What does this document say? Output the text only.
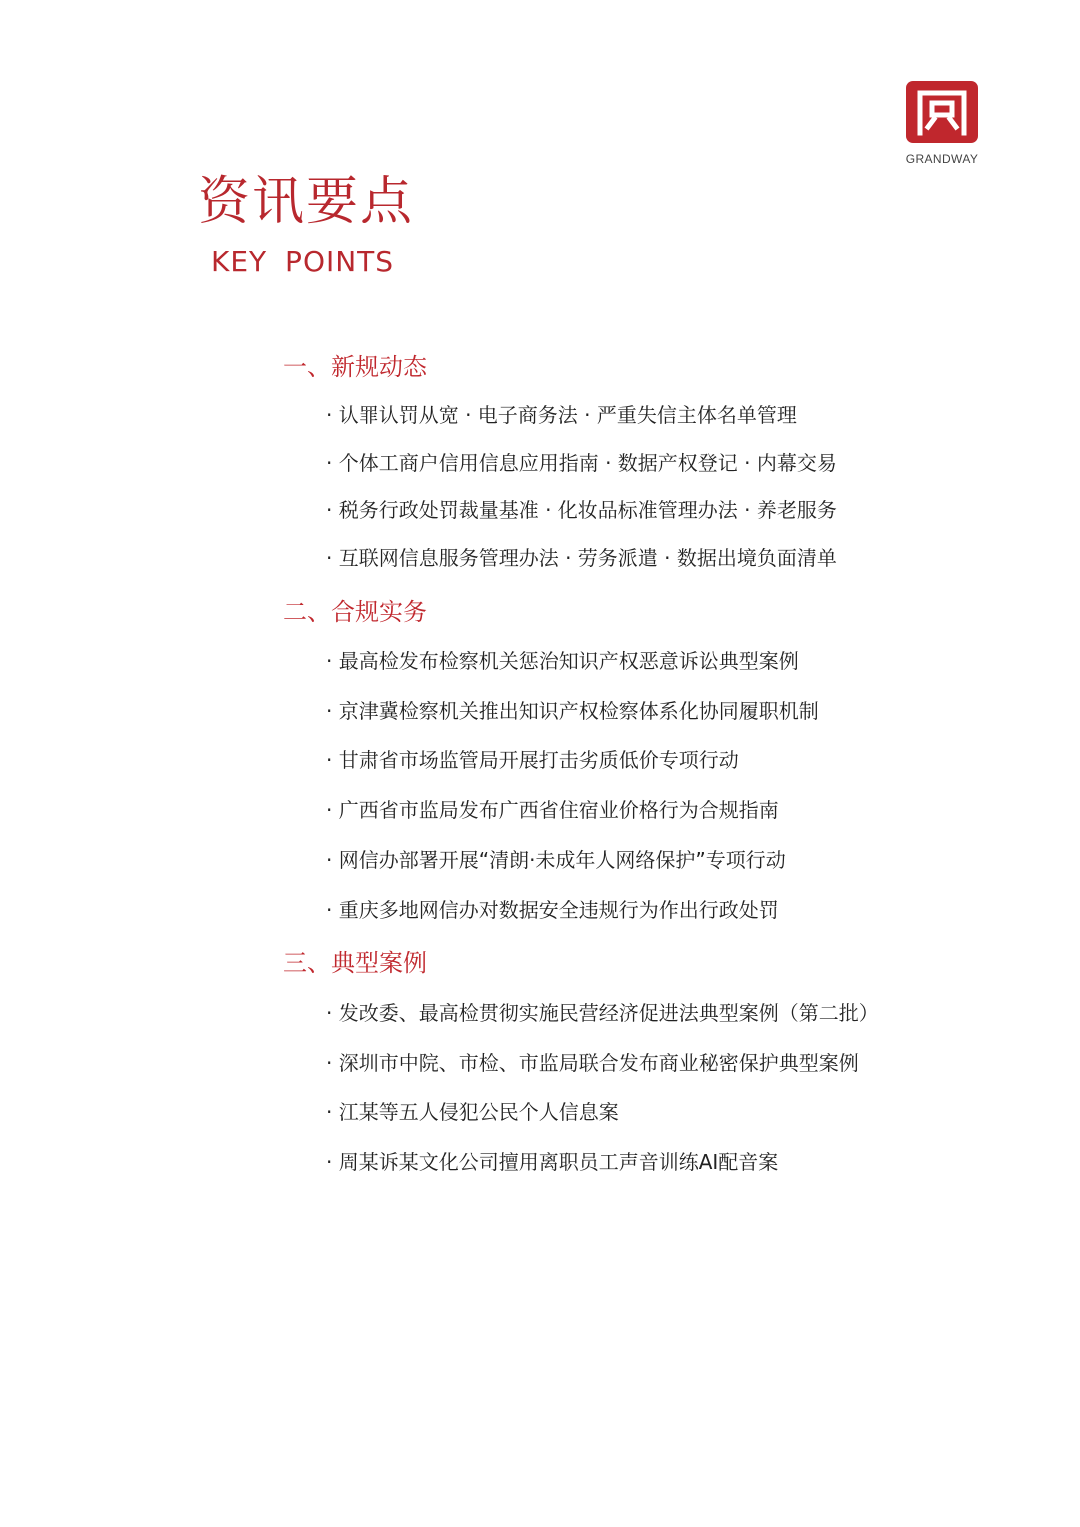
GRANDWAY
资讯要点
KEY POINTS
一、新规动态
· 认罪认罚从宽 · 电子商务法 · 严重失信主体名单管理
· 个体工商户信用信息应用指南 · 数据产权登记 · 内幕交易
· 税务行政处罚裁量基准 · 化妆品标准管理办法 · 养老服务
· 互联网信息服务管理办法 · 劳务派遣 · 数据出境负面清单
二、合规实务
· 最高检发布检察机关惩治知识产权恶意诉讼典型案例
· 京津冀检察机关推出知识产权检察体系化协同履职机制
· 甘肃省市场监管局开展打击劣质低价专项行动
· 广西省市监局发布广西省住宿业价格行为合规指南
· 网信办部署开展“清朗·未成年人网络保护”专项行动
· 重庆多地网信办对数据安全违规行为作出行政处罚
三、典型案例
· 发改委、最高检贯彻实施民营经济促进法典型案例（第二批）
· 深圳市中院、市检、市监局联合发布商业秘密保护典型案例
· 江某等五人侵犯公民个人信息案
· 周某诉某文化公司擅用离职员工声音训练AI配音案
